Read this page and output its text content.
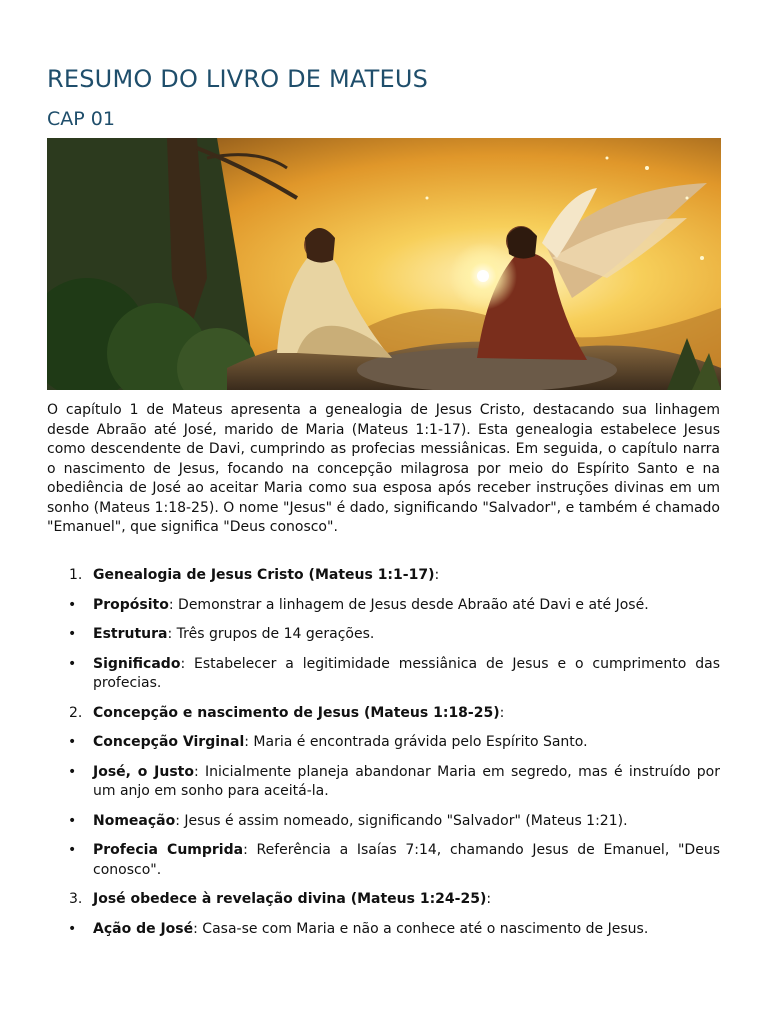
RESUMO DO LIVRO DE MATEUS
CAP 01

O capítulo 1 de Mateus apresenta a genealogia de Jesus Cristo, destacando sua linhagem desde Abraão até José, marido de Maria (Mateus 1:1-17). Esta genealogia estabelece Jesus como descendente de Davi, cumprindo as profecias messiânicas. Em seguida, o capítulo narra o nascimento de Jesus, focando na concepção milagrosa por meio do Espírito Santo e na obediência de José ao aceitar Maria como sua esposa após receber instruções divinas em um sonho (Mateus 1:18-25). O nome "Jesus" é dado, significando "Salvador", e também é chamado "Emanuel", que significa "Deus conosco".

1. Genealogia de Jesus Cristo (Mateus 1:1-17):
• Propósito: Demonstrar a linhagem de Jesus desde Abraão até Davi e até José.
• Estrutura: Três grupos de 14 gerações.
• Significado: Estabelecer a legitimidade messiânica de Jesus e o cumprimento das profecias.
2. Concepção e nascimento de Jesus (Mateus 1:18-25):
• Concepção Virginal: Maria é encontrada grávida pelo Espírito Santo.
• José, o Justo: Inicialmente planeja abandonar Maria em segredo, mas é instruído por um anjo em sonho para aceitá-la.
• Nomeação: Jesus é assim nomeado, significando "Salvador" (Mateus 1:21).
• Profecia Cumprida: Referência a Isaías 7:14, chamando Jesus de Emanuel, "Deus conosco".
3. José obedece à revelação divina (Mateus 1:24-25):
• Ação de José: Casa-se com Maria e não a conhece até o nascimento de Jesus.
